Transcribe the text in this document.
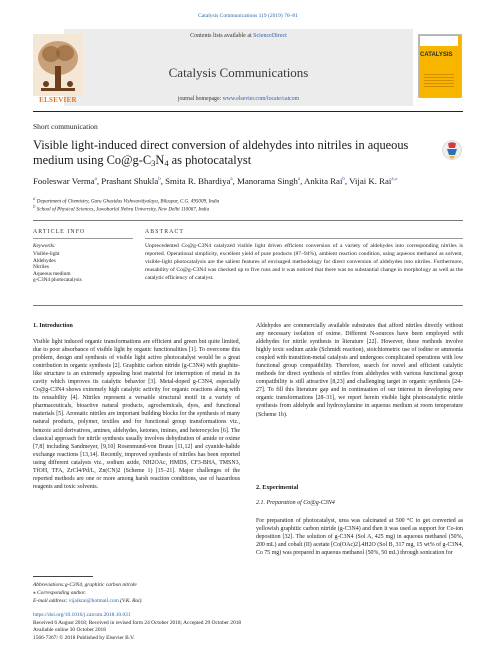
Catalysis Communications 119 (2019) 76–81
Contents lists available at ScienceDirect
Catalysis Communications
journal homepage: www.elsevier.com/locate/catcom
ELSEVIER
CATALYSIS
Short communication
Visible light-induced direct conversion of aldehydes into nitriles in aqueous medium using Co@g-C3N4 as photocatalyst
Fooleswar Verma$^a$, Prashant Shukla$^b$, Smita R. Bhardiya$^a$, Manorama Singh$^a$, Ankita Rai$^b$, Vijai K. Rai$^{a,⁎}$
$^a$ Department of Chemistry, Guru Ghasidas Vishwavidyalaya, Bilaspur, C.G. 495009, India
$^b$ School of Physical Sciences, Jawaharlal Nehru University, New Delhi 110067, India
ARTICLE INFO	ABSTRACT
Keywords:
Visible-light
Aldehydes
Nitriles
Aqueous medium
g-C3N4 photocatalysis
Unprecedented Co@g-C3N4 catalyzed visible light driven efficient conversion of a variety of aldehydes into corresponding nitriles is reported. Operational simplicity, excellent yield of pure products (87–94%), ambient reaction condition, using aqueous methanol as solvent, visible-light photocatalysis are the salient features of envisaged methodology for direct conversion of aldehydes into nitriles. Furthermore, reusability of Co@g-C3N4 was checked up to five runs and it was noticed that there was no substantial change in morphology as well as the catalytic efficiency of catalyst.
1. Introduction
Visible light induced organic transformations are efficient and green but quite limited, due to poor absorbance of visible light by organic functionalities [1]. To overcome this problem, design and synthesis of visible light active photocatalyst would be a great contribution in organic synthesis [2]. Graphitic carbon nitride (g-C3N4) with graphite-like structure is an extremely appealing host material for interruption of metal in its cavity which improves its catalytic behavior [3]. Metal-doped g-C3N4, especially Co@g-C3N4 shows extremely high catalytic activity for organic reactions along with its reusability [4]. Nitriles represent a versatile structural motif in a variety of pharmaceuticals, bioactive natural products, agrochemicals, dyes, and functional materials [5]. Aromatic nitriles are important building blocks for the synthesis of many natural products, polymer, textiles and for functional group transformations viz., benzoic acid derivatives, amines, aldehydes, ketones, imines, and heterocycles [6]. The classical approach for nitrile synthesis usually involves dehydration of amide or oxime [7,8] including Sandmeyer, [9,10] Rosenmund-von Braun [11,12] and cyanide-halide exchange reactions [13,14]. Recently, improved synthesis of nitriles has been reported using different catalysts viz., sodium azide, NH2OAc, HMDS, CF3-BHA, TMSN3, TfOH, TFA, ZrCl4/Pd/L, Zn(CN)2 (Scheme 1) [15–21]. Major challenges of the reported methods are one or more among harsh reaction conditions, use of hazardous reagents and toxic solvents.
Aldehydes are commercially available substrates that afford nitriles directly without any necessary isolation of oxime. Different N-sources have been employed with aldehydes for nitrile synthesis in literature [22]. However, these methods involve highly toxic sodium azide (Schmidt reaction), stoichiometric use of iodine or ammonia coupled with transition-metal catalysis and undergoes complicated operations with low functional group compatibility. Therefore, search for novel and efficient catalytic methods for direct synthesis of nitriles from aldehydes with various functional group compatibility is still attractive [8,23] and challenging target in organic synthesis [24–27]. To fill this literature gap and in continuation of our interest in developing new organic transformations [28–31], we report herein visible light photocatalytic nitrile synthesis from aldehyde and hydroxylamine in aqueous medium at room temperature (Scheme 1b).
2. Experimental
2.1. Preparation of Co@g-C3N4
For preparation of photocatalyst, urea was calcinated at 500 °C to get converted as yellowish graphitic carbon nitride (g-C3N4) and then it was used as support for Co-ion deposition [32]. The solution of g-C3N4 (Sol A, 425 mg) in aqueous methanol (50%, 200 mL) and cobalt (II) acetate [Co(OAc)2].4H2O (Sol B, 317 mg, 15 wt% of g-C3N4, Co 75 mg) was prepared in aqueous methanol (50%, 50 mL) through sonication for
Abbreviations:g-C3N4, graphitic carbon nitride
⁎ Corresponding author.
E-mail address: vijaikrai@hotmail.com (V.K. Rai).
https://doi.org/10.1016/j.catcom.2018.10.031
Received 6 August 2018; Received in revised form 24 October 2018; Accepted 29 October 2018
Available online 30 October 2018
1566-7367/ © 2018 Published by Elsevier B.V.
